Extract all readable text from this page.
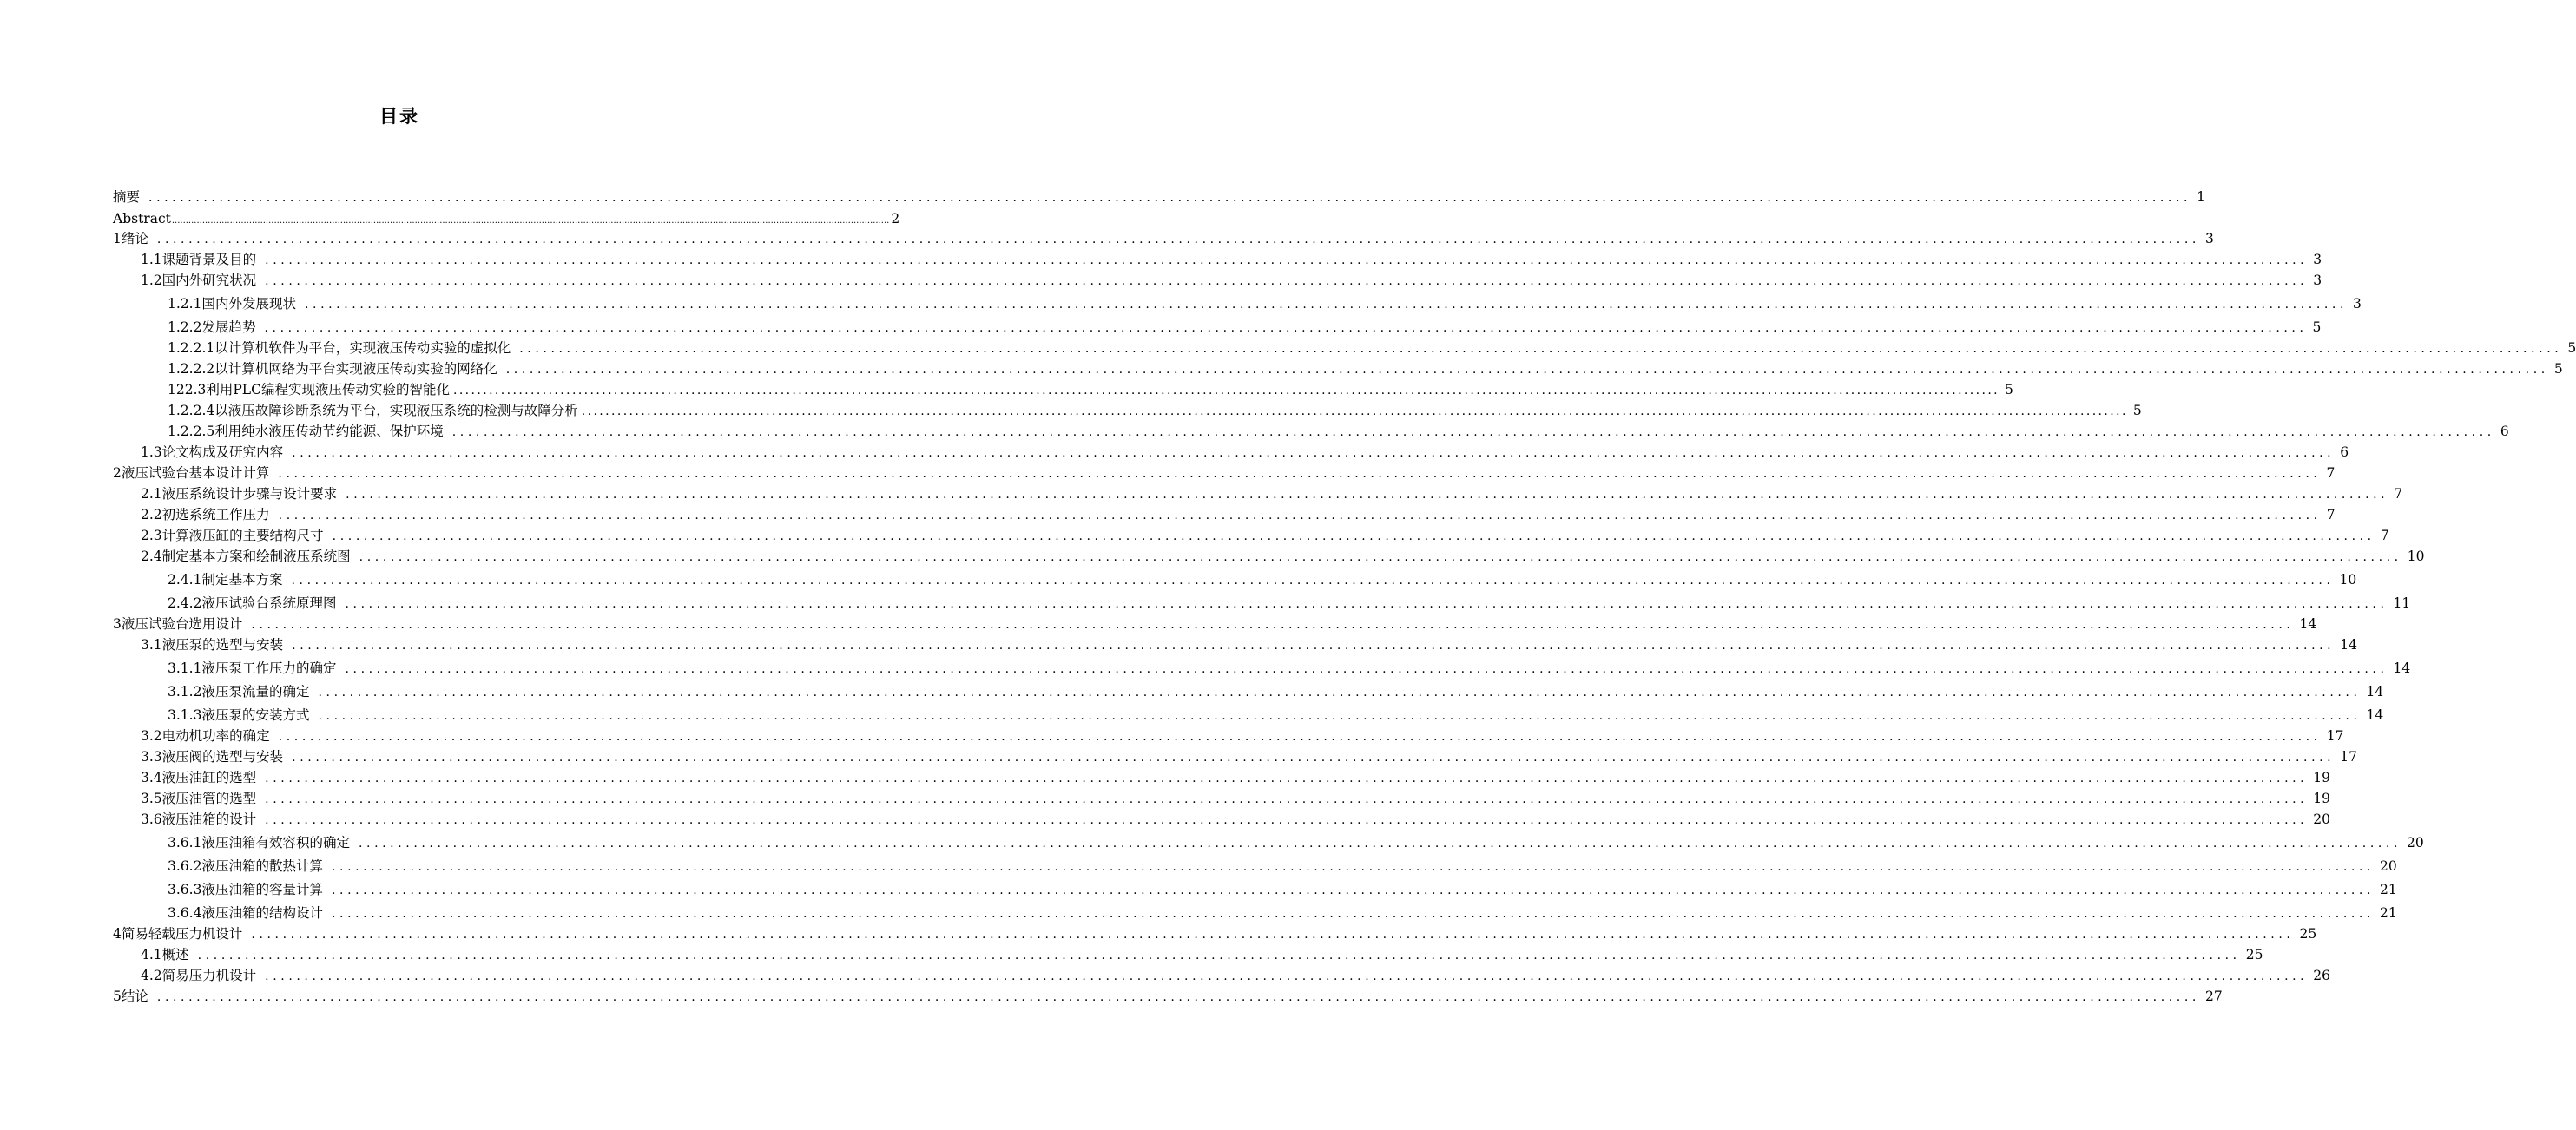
目录
摘要 .................................................................................................................................................................................................................................................................... 1
Abstract .................................................................................................................................................................................................................................................................... 2
1 绪论 .................................................................................................................................................................................................................................................................... 3
1.1 课题背景及目的 .................................................................................................................................................................................................................................................................... 3
1.2 国内外研究状况 .................................................................................................................................................................................................................................................................... 3
1.2.1 国内外发展现状 .................................................................................................................................................................................................................................................................... 3
1.2.2 发展趋势 .................................................................................................................................................................................................................................................................... 5
1.2.2.1 以计算机软件为平台，实现液压传动实验的虚拟化 .................................................................................................................................................................................................................................................................... 5
1.2.2.2 以计算机网络为平台实现液压传动实验的网络化 .................................................................................................................................................................................................................................................................... 5
122.3 利用PLC编程实现液压传动实验的智能化 .................................................................................................................................................................................................................................................................... 5
1.2.2.4 以液压故障诊断系统为平台，实现液压系统的检测与故障分析 .................................................................................................................................................................................................................................................................... 5
1.2.2.5 利用纯水液压传动节约能源、保护环境 .................................................................................................................................................................................................................................................................... 6
1.3 论文构成及研究内容 .................................................................................................................................................................................................................................................................... 6
2 液压试验台基本设计计算 .................................................................................................................................................................................................................................................................... 7
2.1 液压系统设计步骤与设计要求 .................................................................................................................................................................................................................................................................... 7
2.2 初选系统工作压力 .................................................................................................................................................................................................................................................................... 7
2.3 计算液压缸的主要结构尺寸 .................................................................................................................................................................................................................................................................... 7
2.4 制定基本方案和绘制液压系统图 .................................................................................................................................................................................................................................................................... 10
2.4.1 制定基本方案 .................................................................................................................................................................................................................................................................... 10
2.4.2 液压试验台系统原理图 .................................................................................................................................................................................................................................................................... 11
3 液压试验台选用设计 .................................................................................................................................................................................................................................................................... 14
3.1 液压泵的选型与安装 .................................................................................................................................................................................................................................................................... 14
3.1.1 液压泵工作压力的确定 .................................................................................................................................................................................................................................................................... 14
3.1.2 液压泵流量的确定 .................................................................................................................................................................................................................................................................... 14
3.1.3 液压泵的安装方式 .................................................................................................................................................................................................................................................................... 14
3.2 电动机功率的确定 .................................................................................................................................................................................................................................................................... 17
3.3 液压阀的选型与安装 .................................................................................................................................................................................................................................................................... 17
3.4 液压油缸的选型 .................................................................................................................................................................................................................................................................... 19
3.5 液压油管的选型 .................................................................................................................................................................................................................................................................... 19
3.6 液压油箱的设计 .................................................................................................................................................................................................................................................................... 20
3.6.1 液压油箱有效容积的确定 .................................................................................................................................................................................................................................................................... 20
3.6.2 液压油箱的散热计算 .................................................................................................................................................................................................................................................................... 20
3.6.3 液压油箱的容量计算 .................................................................................................................................................................................................................................................................... 21
3.6.4 液压油箱的结构设计 .................................................................................................................................................................................................................................................................... 21
4 简易轻载压力机设计 .................................................................................................................................................................................................................................................................... 25
4.1 概述 .................................................................................................................................................................................................................................................................... 25
4.2 简易压力机设计 .................................................................................................................................................................................................................................................................... 26
5 结论 .................................................................................................................................................................................................................................................................... 27
